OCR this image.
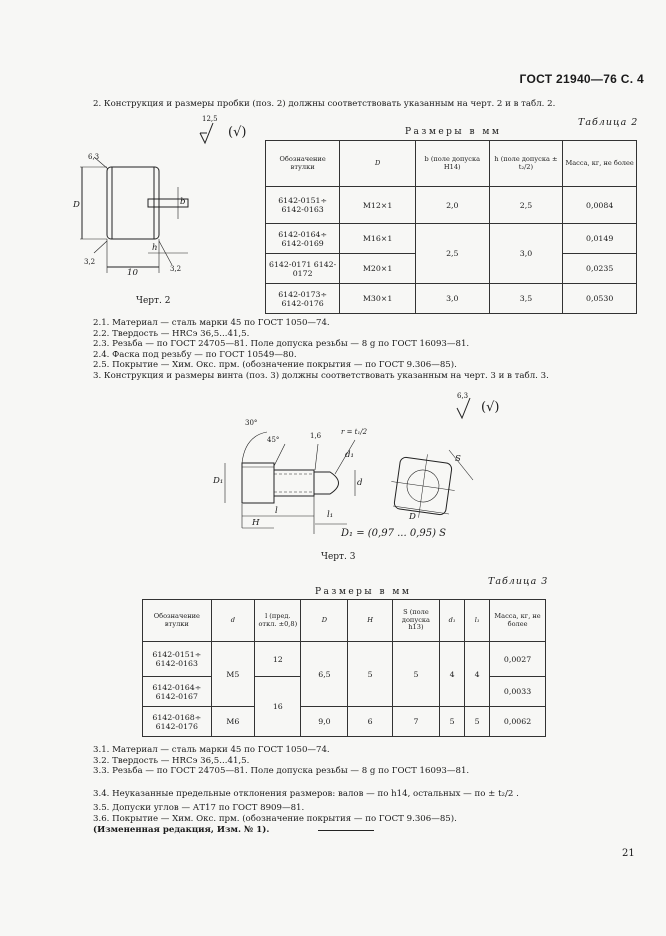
ГОСТ 21940—76 С. 4
2. Конструкция и размеры пробки (поз. 2) должны соответствовать указанным на черт. 2 и в табл. 2.
12,5
(√)
6,3
D	b
h
10
3,2
3,2
Черт. 2
Таблица 2
Размеры в мм
Обозначение втулки	D	b (поле допуска H14)	h (поле допуска ± t₂/2)	Масса, кг, не более
6142-0151÷ 6142-0163	M12×1	2,0	2,5	0,0084
6142-0164÷ 6142-0169	M16×1	2,5	3,0	0,0149
6142-0171 6142-0172	M20×1			0,0235
6142-0173÷ 6142-0176	M30×1	3,0	3,5	0,0530
2.1. Материал — сталь марки 45 по ГОСТ 1050—74.
2.2. Твердость — HRCэ 36,5...41,5.
2.3. Резьба — по ГОСТ 24705—81. Поле допуска резьбы — 8 g по ГОСТ 16093—81.
2.4. Фаска под резьбу — по ГОСТ 10549—80.
2.5. Покрытие — Хим. Окс. прм. (обозначение покрытия — по ГОСТ 9.306—85).
3. Конструкция и размеры винта (поз. 3) должны соответствовать указанным на черт. 3 и в табл. 3.
6,3
(√)
30°
45°	1,6	r = t₁/2
d₁
d
D₁
H
l	l₁
S
D
D₁ = (0,97 ... 0,95) S
Черт. 3
Таблица 3
Размеры в мм
Обозначение втулки	d	l (пред. откл. ±0,8)	D	H	S (поле допуска h13)	d₁	l₁	Масса, кг, не более
6142-0151÷ 6142-0163	M5	12	6,5	5	5	4	4	0,0027
6142-0164÷ 6142-0167		16						0,0033
6142-0168÷ 6142-0176	M6		9,0	6	7	5	5	0,0062
3.1. Материал — сталь марки 45 по ГОСТ 1050—74.
3.2. Твердость — HRCэ 36,5...41,5.
3.3. Резьба — по ГОСТ 24705—81. Поле допуска резьбы — 8 g по ГОСТ 16093—81.
3.4. Неуказанные предельные отклонения размеров: валов — по h14, остальных — по ± t₂/2 .
3.5. Допуски углов — АТ17 по ГОСТ 8909—81.
3.6. Покрытие — Хим. Окс. прм. (обозначение покрытия — по ГОСТ 9.306—85).
(Измененная редакция, Изм. № 1).
21
